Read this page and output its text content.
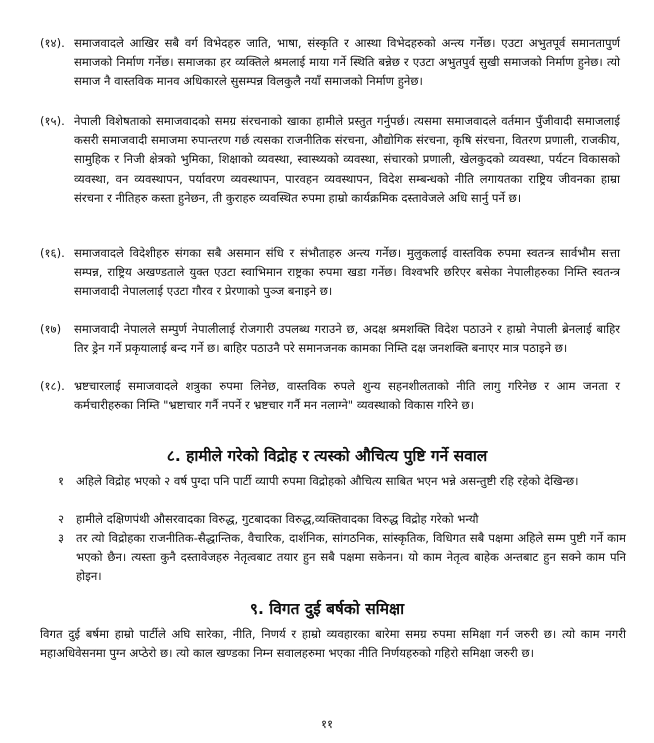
(१४). समाजवादले आखिर सबै वर्ग विभेदहरु जाति, भाषा, संस्कृति र आस्था विभेदहरुको अन्त्य गर्नेछ। एउटा अभुतपूर्व समानतापुर्ण समाजको निर्माण गर्नेछ। समाजका हर व्यक्तिले श्रमलाई माया गर्ने स्थिति बन्नेछ र एउटा अभुतपुर्व सुखी समाजको निर्माण हुनेछ। त्यो समाज नै वास्तविक मानव अधिकारले सुसम्पन्न विलकुलै नयाँ समाजको निर्माण हुनेछ।
(१५). नेपाली विशेषताको समाजवादको समग्र संरचनाको खाका हामीले प्रस्तुत गर्नुपर्छ। त्यसमा समाजवादले वर्तमान पुँजीवादी समाजलाई कसरी समाजवादी समाजमा रुपान्तरण गर्छ त्यसका राजनीतिक संरचना, औद्योगिक संरचना, कृषि संरचना, वितरण प्रणाली, राजकीय, सामुहिक र निजी क्षेत्रको भुमिका, शिक्षाको व्यवस्था, स्वास्थ्यको व्यवस्था, संचारको प्रणाली, खेलकुदको व्यवस्था, पर्यटन विकासको व्यवस्था, वन व्यवस्थापन, पर्यावरण व्यवस्थापन, पारवहन व्यवस्थापन, विदेश सम्बन्धको नीति लगायतका राष्ट्रिय जीवनका हाम्रा संरचना र नीतिहरु कस्ता हुनेछन, ती कुराहरु व्यवस्थित रुपमा हाम्रो कार्यक्रमिक दस्तावेजले अधि सार्नु पर्ने छ।
(१६). समाजवादले विदेशीहरु संगका सबै असमान संधि र संभौताहरु अन्त्य गर्नेछ। मुलुकलाई वास्तविक रुपमा स्वतन्त्र सार्वभौम सत्ता सम्पन्न, राष्ट्रिय अखण्डताले युक्त एउटा स्वाभिमान राष्ट्रका रुपमा खडा गर्नेछ। विश्वभरि छरिएर बसेका नेपालीहरुका निम्ति स्वतन्त्र समाजवादी नेपाललाई एउटा गौरव र प्रेरणाको पुञ्ज बनाइने छ।
(१७)	समाजवादी नेपालले सम्पुर्ण नेपालीलाई रोजगारी उपलब्ध गराउने छ, अदक्ष श्रमशक्ति विदेश पठाउने र हाम्रो नेपाली ब्रेनलाई बाहिर तिर ड्रेन गर्ने प्रकृयालाई बन्द गर्ने छ। बाहिर पठाउनै परे समानजनक कामका निम्ति दक्ष जनशक्ति बनाएर मात्र पठाइने छ।
(१८). भ्रष्टचारलाई समाजवादले शत्रुका रुपमा लिनेछ, वास्तविक रुपले शुन्य सहनशीलताको नीति लागु गरिनेछ र आम जनता र कर्मचारीहरुका निम्ति "भ्रष्टाचार गर्नै नपर्ने र भ्रष्टचार गर्नै मन नलाग्ने" व्यवस्थाको विकास गरिने छ।
८. हामीले गरेको विद्रोह र त्यस्को औचित्य पुष्टि गर्ने सवाल
१	अहिले विद्रोह भएको २ वर्ष पुग्दा पनि पार्टी व्यापी रुपमा विद्रोहको औचित्य साबित भएन भन्ने असन्तुष्टी रहि रहेको देखिन्छ।
२	हामीले दक्षिणपंथी औसरवादका विरुद्ध, गुटबादका विरुद्ध,व्यक्तिवादका विरुद्ध विद्रोह गरेको भन्यौ
३	तर त्यो विद्रोहका राजनीतिक-सैद्धान्तिक, वैचारिक, दार्शनिक, सांगठनिक, सांस्कृतिक, विधिगत सबै पक्षमा अहिले सम्म पुष्टी गर्ने काम भएको छैन। त्यस्ता कुनै दस्तावेजहरु नेतृत्वबाट तयार हुन सबै पक्षमा सकेनन। यो काम नेतृत्व बाहेक अन्तबाट हुन सक्ने काम पनि होइन।
९. विगत दुई बर्षको समिक्षा
विगत दुई बर्षमा हाम्रो पार्टीले अघि सारेका, नीति, निणर्य र हाम्रो व्यवहारका बारेमा समग्र रुपमा समिक्षा गर्न जरुरी छ। त्यो काम नगरी महाअधिवेसनमा पुग्न अप्ठेरो छ। त्यो काल खण्डका निम्न सवालहरुमा भएका नीति निर्णयहरुको गहिरो समिक्षा जरुरी छ।
११
